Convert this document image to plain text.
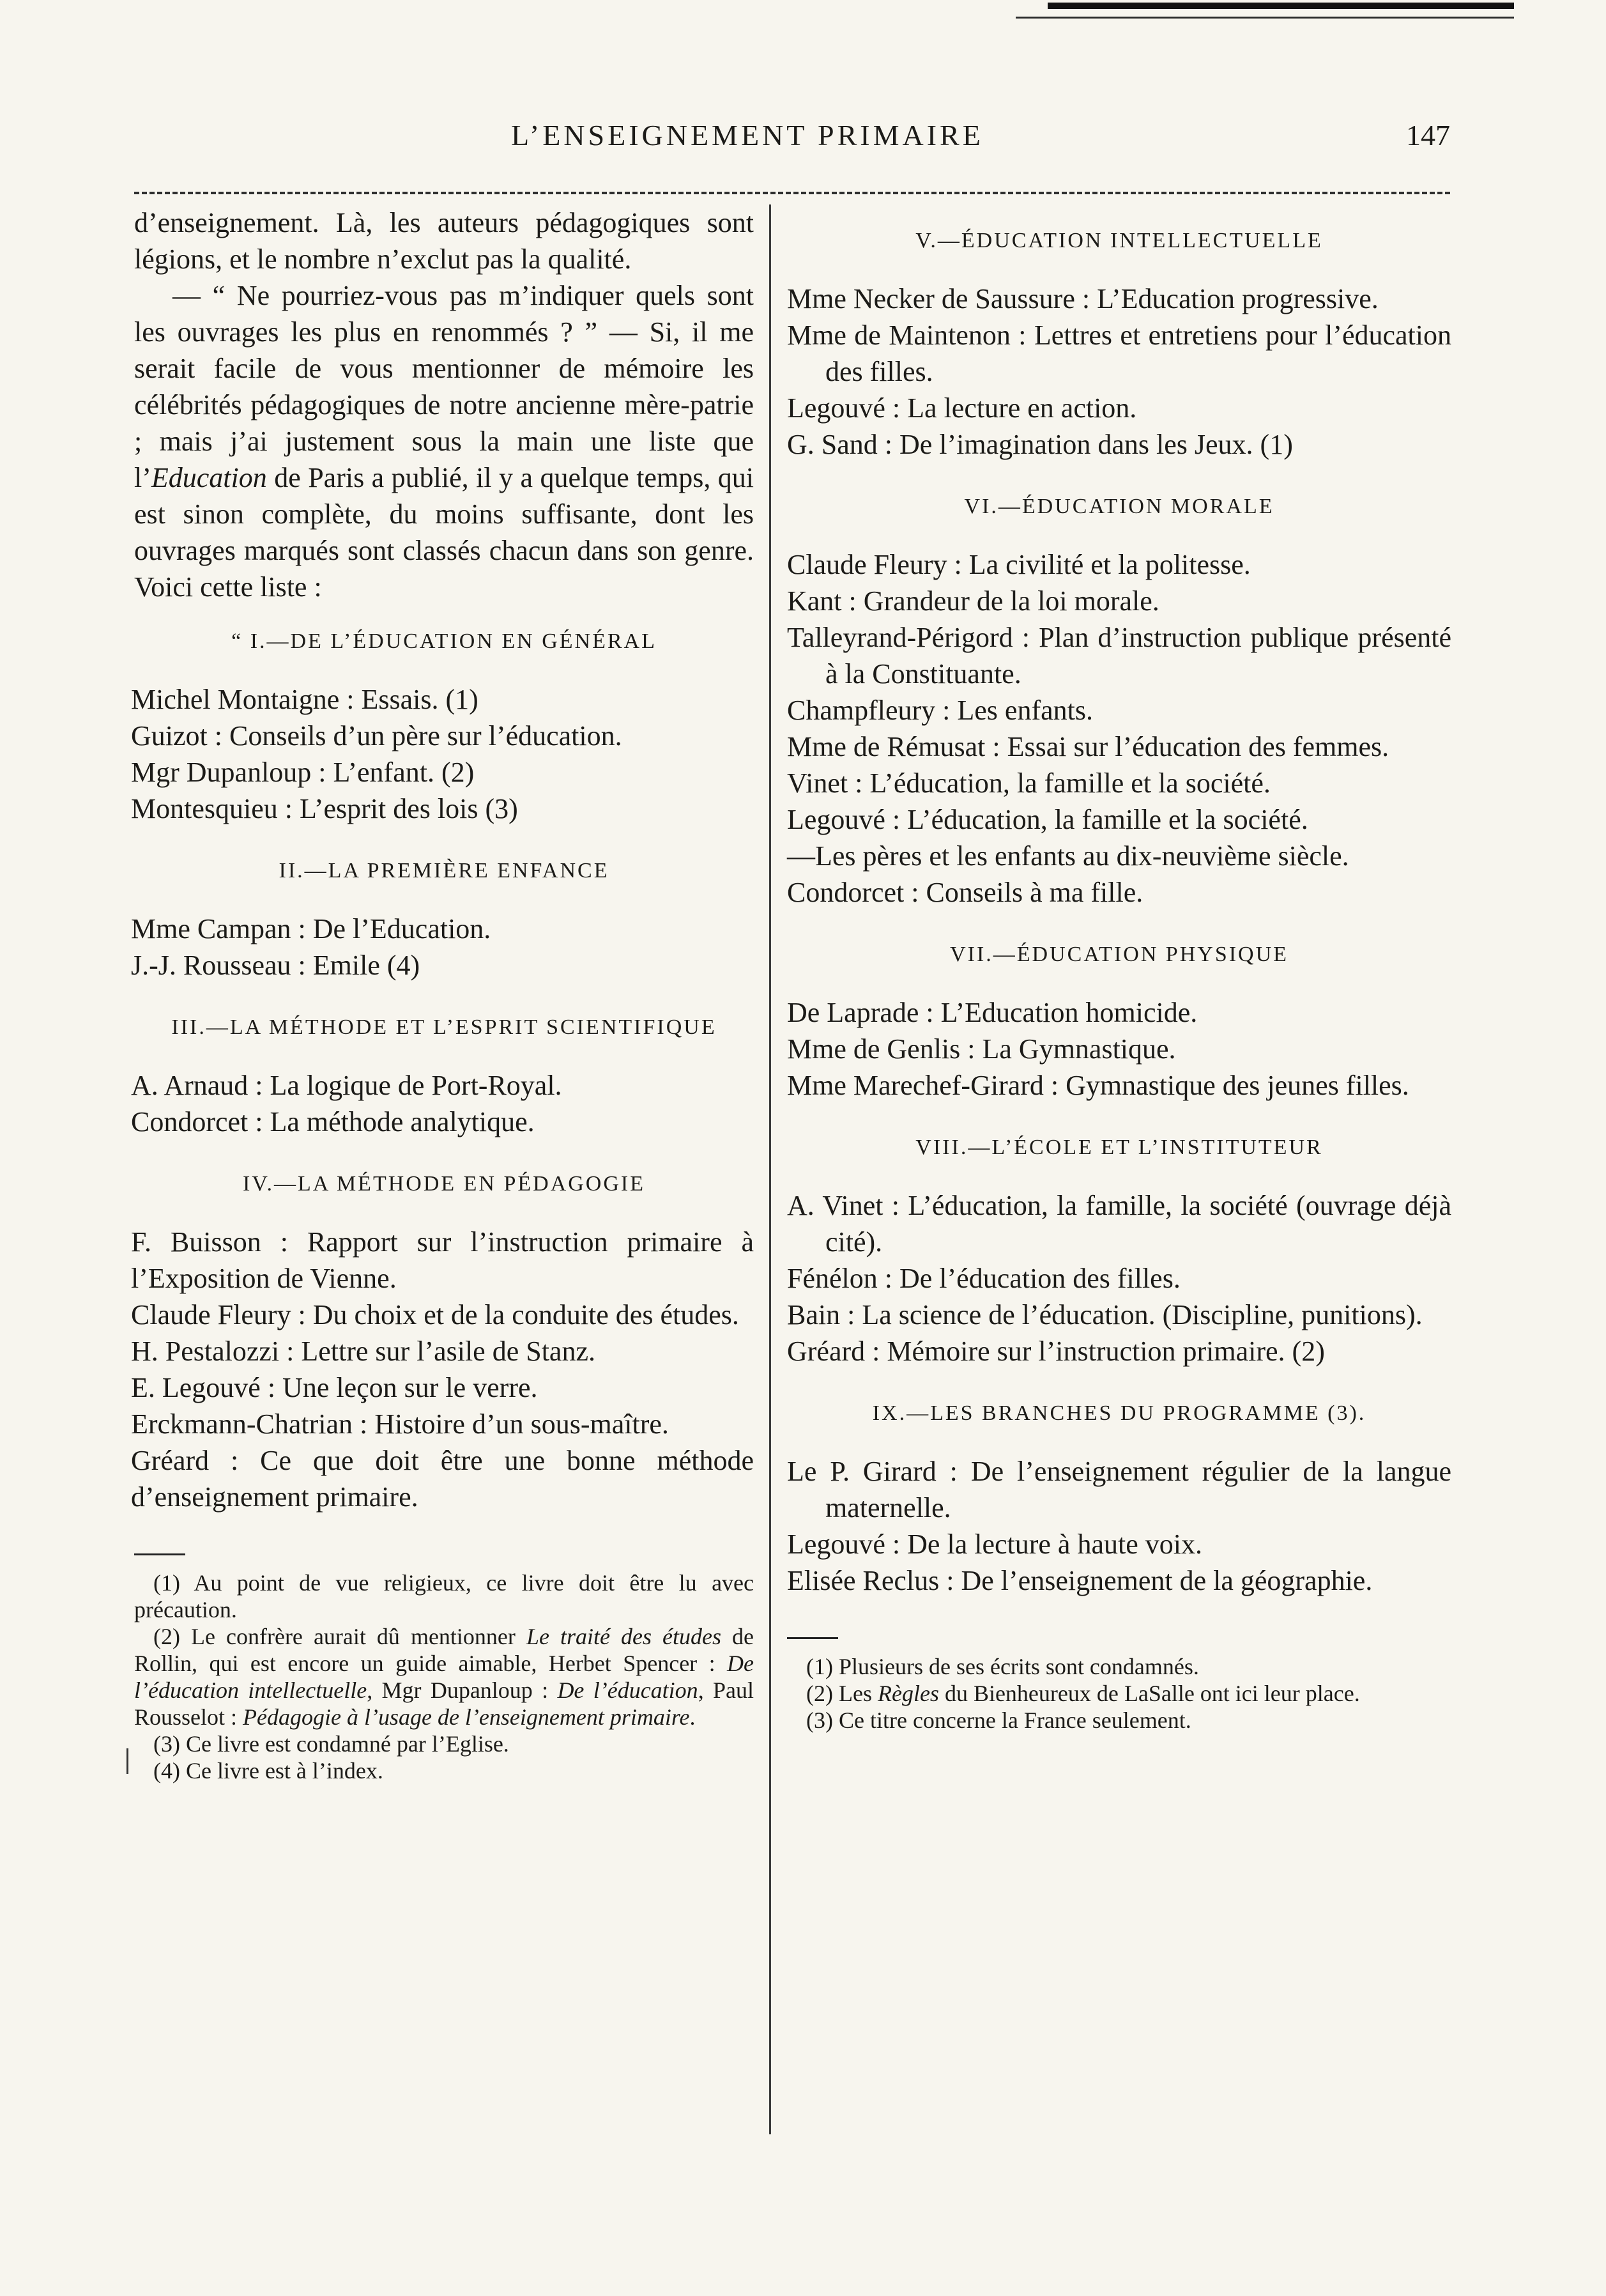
L’ENSEIGNEMENT PRIMAIRE	147

d’enseignement. Là, les auteurs pédagogiques sont légions, et le nombre n’exclut pas la qualité.

— “ Ne pourriez-vous pas m’indiquer quels sont les ouvrages les plus en renommés ? ” — Si, il me serait facile de vous mentionner de mémoire les célébrités pédagogiques de notre ancienne mère-patrie ; mais j’ai justement sous la main une liste que l’Education de Paris a publié, il y a quelque temps, qui est sinon complète, du moins suffisante, dont les ouvrages marqués sont classés chacun dans son genre. Voici cette liste :

“ I.—DE L’ÉDUCATION EN GÉNÉRAL

Michel Montaigne : Essais. (1)

Guizot : Conseils d’un père sur l’éducation.

Mgr Dupanloup : L’enfant. (2)

Montesquieu : L’esprit des lois (3)

II.—LA PREMIÈRE ENFANCE

Mme Campan : De l’Education.

J.-J. Rousseau : Emile (4)

III.—LA MÉTHODE ET L’ESPRIT SCIENTIFIQUE

A. Arnaud : La logique de Port-Royal.

Condorcet : La méthode analytique.

IV.—LA MÉTHODE EN PÉDAGOGIE

F. Buisson : Rapport sur l’instruction primaire à l’Exposition de Vienne.

Claude Fleury : Du choix et de la conduite des études.

H. Pestalozzi : Lettre sur l’asile de Stanz.

E. Legouvé : Une leçon sur le verre.

Erckmann-Chatrian : Histoire d’un sous-maître.

Gréard : Ce que doit être une bonne méthode d’enseignement primaire.

(1) Au point de vue religieux, ce livre doit être lu avec précaution.

(2) Le confrère aurait dû mentionner Le traité des études de Rollin, qui est encore un guide aimable, Herbet Spencer : De l’éducation intellectuelle, Mgr Dupanloup : De l’éducation, Paul Rousselot : Pédagogie à l’usage de l’enseignement primaire.

(3) Ce livre est condamné par l’Eglise.

(4) Ce livre est à l’index.

V.—ÉDUCATION INTELLECTUELLE

Mme Necker de Saussure : L’Education progressive.

Mme de Maintenon : Lettres et entretiens pour l’éducation des filles.

Legouvé : La lecture en action.

G. Sand : De l’imagination dans les Jeux. (1)

VI.—ÉDUCATION MORALE

Claude Fleury : La civilité et la politesse.

Kant : Grandeur de la loi morale.

Talleyrand-Périgord : Plan d’instruction publique présenté à la Constituante.

Champfleury : Les enfants.

Mme de Rémusat : Essai sur l’éducation des femmes.

Vinet : L’éducation, la famille et la société.

Legouvé : L’éducation, la famille et la société.

—Les pères et les enfants au dix-neuvième siècle.

Condorcet : Conseils à ma fille.

VII.—ÉDUCATION PHYSIQUE

De Laprade : L’Education homicide.

Mme de Genlis : La Gymnastique.

Mme Marechef-Girard : Gymnastique des jeunes filles.

VIII.—L’ÉCOLE ET L’INSTITUTEUR

A. Vinet : L’éducation, la famille, la société (ouvrage déjà cité).

Fénélon : De l’éducation des filles.

Bain : La science de l’éducation. (Discipline, punitions).

Gréard : Mémoire sur l’instruction primaire. (2)

IX.—LES BRANCHES DU PROGRAMME (3).

Le P. Girard : De l’enseignement régulier de la langue maternelle.

Legouvé : De la lecture à haute voix.

Elisée Reclus : De l’enseignement de la géographie.

(1) Plusieurs de ses écrits sont condamnés.

(2) Les Règles du Bienheureux de LaSalle ont ici leur place.

(3) Ce titre concerne la France seulement.
